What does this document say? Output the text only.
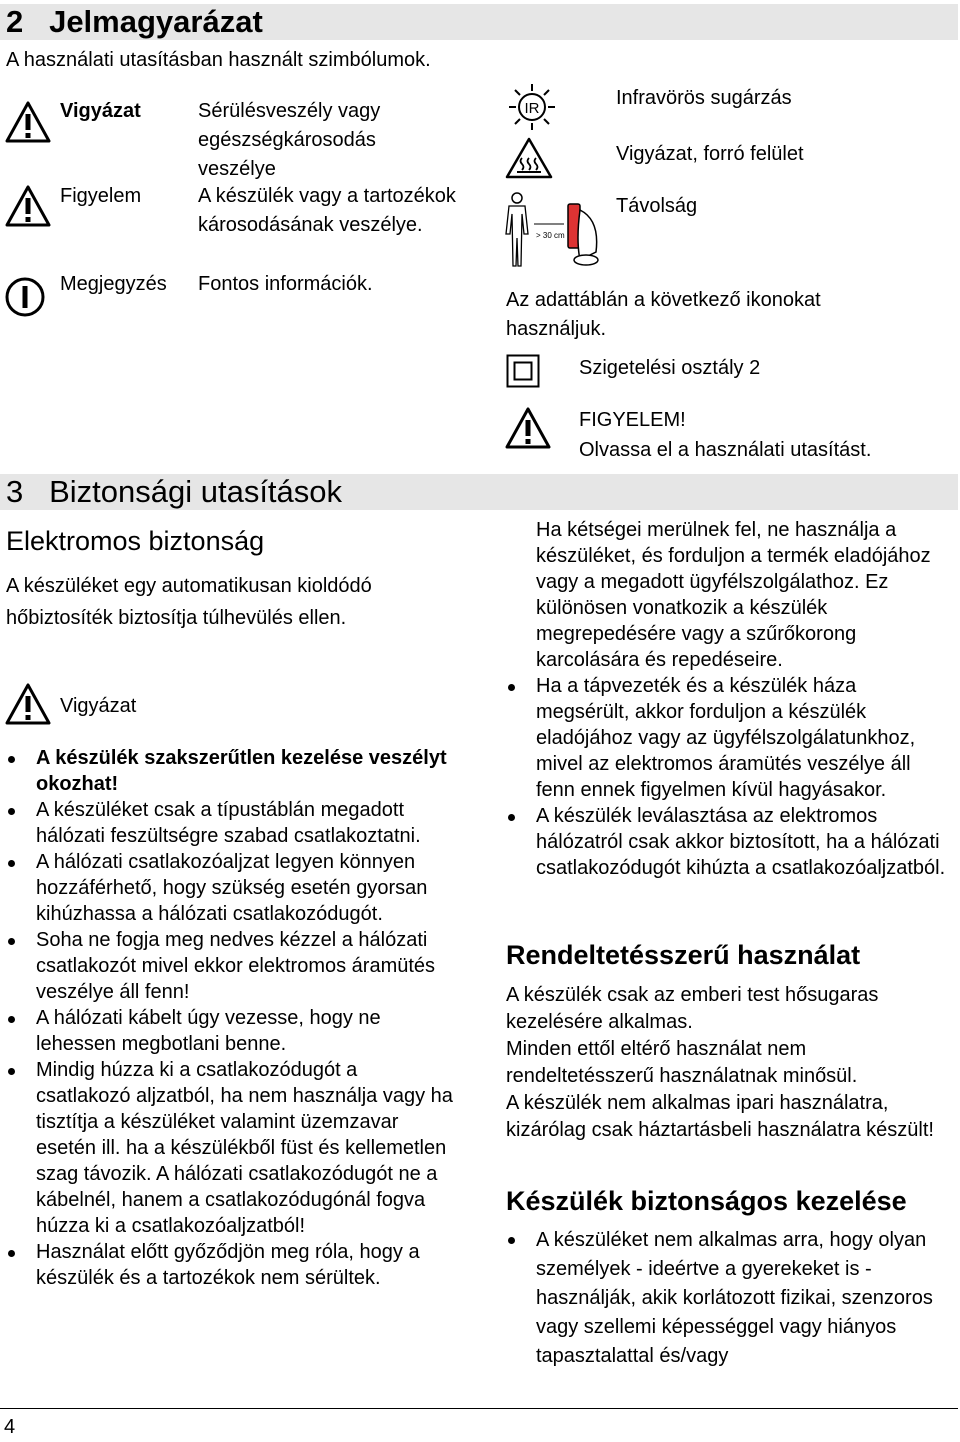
2   Jelmagyarázat
A használati utasításban használt szimbólumok.
Vigyázat	Sérülésveszély vagy egészségkárosodás veszélye
Figyelem	A készülék vagy a tartozékok károsodásának veszélye.
Megjegyzés Fontos információk.
IR	Infravörös sugárzás
Vigyázat, forró felület
> 30 cm
Távolság
Az adattáblán a következő ikonokat használjuk.
Szigetelési osztály 2
FIGYELEM!
Olvassa el a használati utasítást.
3   Biztonsági utasítások
Elektromos biztonság
A készüléket egy automatikusan kioldódó hőbiztosíték biztosítja túlhevülés ellen.
Vigyázat
A készülék szakszerűtlen kezelése veszélyt okozhat!
A készüléket csak a típustáblán megadott hálózati feszültségre szabad csatlakoztatni.
A hálózati csatlakozóaljzat legyen könnyen hozzáférhető, hogy szükség esetén gyorsan kihúzhassa a hálózati csatlakozódugót.
Soha ne fogja meg nedves kézzel a hálózati csatlakozót mivel ekkor elektromos áramütés veszélye áll fenn!
A hálózati kábelt úgy vezesse, hogy ne lehessen megbotlani benne.
Mindig húzza ki a csatlakozódugót a csatlakozó aljzatból, ha nem használja vagy ha tisztítja a készüléket valamint üzemzavar esetén ill. ha a készülékből füst és kellemetlen szag távozik. A hálózati csatlakozódugót ne a kábelnél, hanem a csatlakozódugónál fogva húzza ki a csatlakozóaljzatból!
Használat előtt győződjön meg róla, hogy a készülék és a tartozékok nem sérültek.
Ha kétségei merülnek fel, ne használja a készüléket, és forduljon a termék eladójához vagy a megadott ügyfélszolgálathoz. Ez különösen vonatkozik a készülék megrepedésére vagy a szűrőkorong karcolására és repedéseire.
Ha a tápvezeték és a készülék háza megsérült, akkor forduljon a készülék eladójához vagy az ügyfélszolgálatunkhoz, mivel az elektromos áramütés veszélye áll fenn ennek figyelmen kívül hagyásakor.
A készülék leválasztása az elektromos hálózatról csak akkor biztosított, ha a hálózati csatlakozódugót kihúzta a csatlakozóaljzatból.
Rendeltetésszerű használat
A készülék csak az emberi test hősugaras kezelésére alkalmas.
Minden ettől eltérő használat nem rendeltetésszerű használatnak minősül.
A készülék nem alkalmas ipari használatra, kizárólag csak háztartásbeli használatra készült!
Készülék biztonságos kezelése
A készüléket nem alkalmas arra, hogy olyan személyek - ideértve a gyerekeket is - használják, akik korlátozott fizikai, szenzoros vagy szellemi képességgel vagy hiányos tapasztalattal és/vagy
4
